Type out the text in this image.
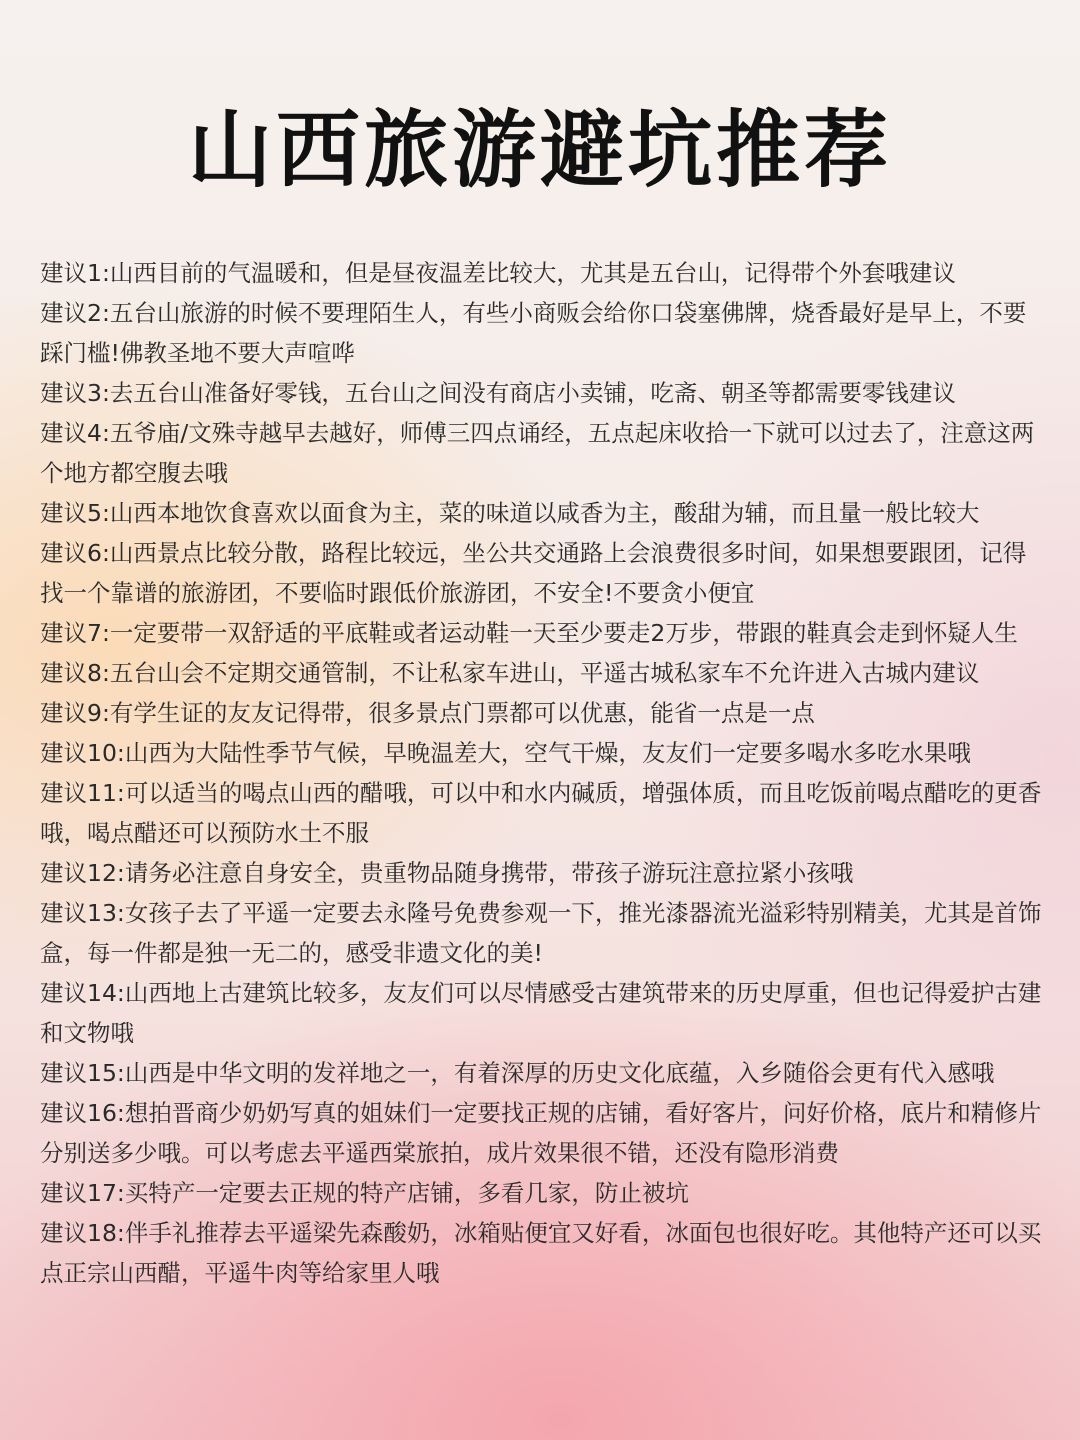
山西旅游避坑推荐
建议1:山西目前的气温暖和，但是昼夜温差比较大，尤其是五台山，记得带个外套哦建议
建议2:五台山旅游的时候不要理陌生人，有些小商贩会给你口袋塞佛牌，烧香最好是早上，不要踩门槛!佛教圣地不要大声喧哗
建议3:去五台山准备好零钱，五台山之间没有商店小卖铺，吃斋、朝圣等都需要零钱建议
建议4:五爷庙/文殊寺越早去越好，师傅三四点诵经，五点起床收拾一下就可以过去了，注意这两个地方都空腹去哦
建议5:山西本地饮食喜欢以面食为主，菜的味道以咸香为主，酸甜为辅，而且量一般比较大
建议6:山西景点比较分散，路程比较远，坐公共交通路上会浪费很多时间，如果想要跟团，记得找一个靠谱的旅游团，不要临时跟低价旅游团，不安全!不要贪小便宜
建议7:一定要带一双舒适的平底鞋或者运动鞋一天至少要走2万步，带跟的鞋真会走到怀疑人生
建议8:五台山会不定期交通管制，不让私家车进山，平遥古城私家车不允许进入古城内建议
建议9:有学生证的友友记得带，很多景点门票都可以优惠，能省一点是一点
建议10:山西为大陆性季节气候，早晚温差大，空气干燥，友友们一定要多喝水多吃水果哦
建议11:可以适当的喝点山西的醋哦，可以中和水内碱质，增强体质，而且吃饭前喝点醋吃的更香哦，喝点醋还可以预防水土不服
建议12:请务必注意自身安全，贵重物品随身携带，带孩子游玩注意拉紧小孩哦
建议13:女孩子去了平遥一定要去永隆号免费参观一下，推光漆器流光溢彩特别精美，尤其是首饰盒，每一件都是独一无二的，感受非遗文化的美!
建议14:山西地上古建筑比较多，友友们可以尽情感受古建筑带来的历史厚重，但也记得爱护古建和文物哦
建议15:山西是中华文明的发祥地之一，有着深厚的历史文化底蕴，入乡随俗会更有代入感哦
建议16:想拍晋商少奶奶写真的姐妹们一定要找正规的店铺，看好客片，问好价格，底片和精修片分别送多少哦。可以考虑去平遥西棠旅拍，成片效果很不错，还没有隐形消费
建议17:买特产一定要去正规的特产店铺，多看几家，防止被坑
建议18:伴手礼推荐去平遥梁先森酸奶，冰箱贴便宜又好看，冰面包也很好吃。其他特产还可以买点正宗山西醋，平遥牛肉等给家里人哦
